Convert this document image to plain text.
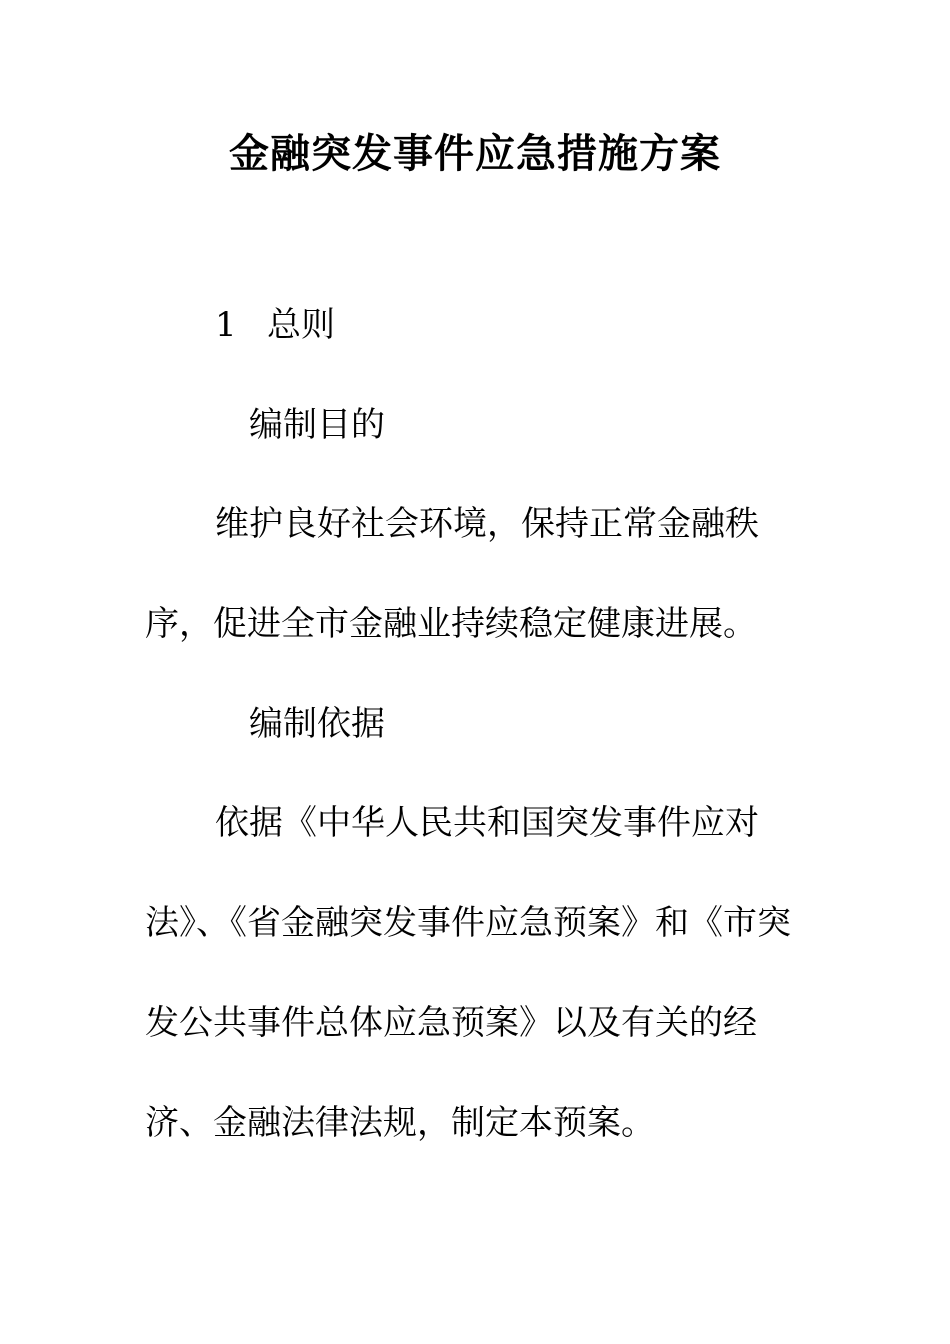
金融突发事件应急措施方案
1 总则
编制目的
维护良好社会环境，保持正常金融秩序，促进全市金融业持续稳定健康进展。
编制依据
依据《中华人民共和国突发事件应对法》、《省金融突发事件应急预案》和《市突发公共事件总体应急预案》以及有关的经济、金融法律法规，制定本预案。
